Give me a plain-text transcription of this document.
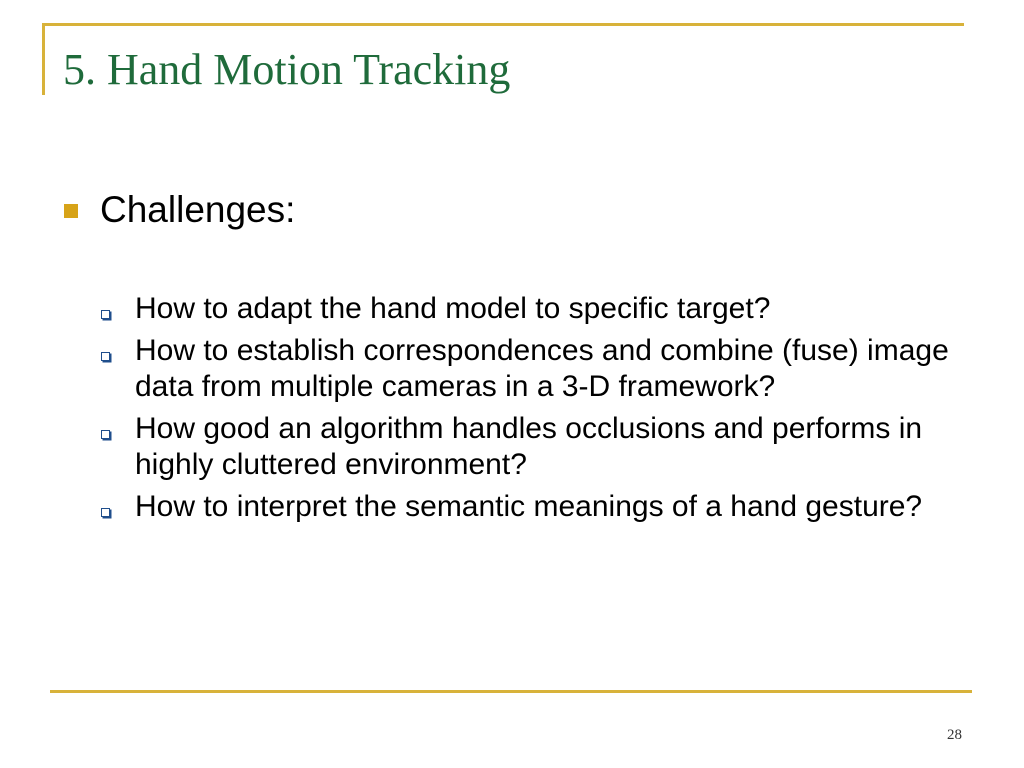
5. Hand Motion Tracking
Challenges:
How to adapt the hand model to specific target?
How to establish correspondences and combine (fuse) image data from multiple cameras in a 3-D framework?
How good an algorithm handles occlusions and performs in highly cluttered environment?
How to interpret the semantic meanings of a hand gesture?
28
